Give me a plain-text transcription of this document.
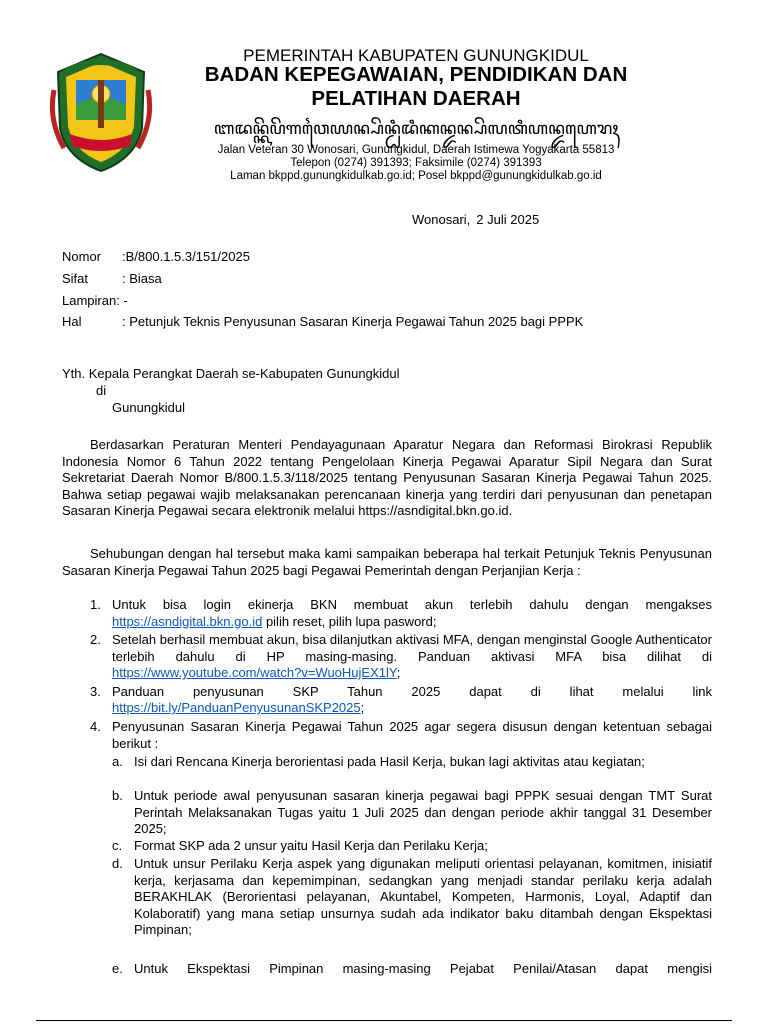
PEMERINTAH KABUPATEN GUNUNGKIDUL
BADAN KEPEGAWAIAN, PENDIDIKAN DAN
PELATIHAN DAERAH
ꦧꦢꦤ꧀ꦏꦼꦥꦼꦒꦮꦻꦪꦤ꧀ꦥꦼꦤ꧀ꦝꦶꦢꦶꦏꦤ꧀ꦢꦤ꧀ꦥꦼꦭꦠꦶꦲꦤ꧀ꦢꦲꦺꦫꦃ
Jalan Veteran 30 Wonosari, Gunungkidul, Daerah Istimewa Yogyakarta 55813
Telepon (0274) 391393; Faksimile (0274) 391393
Laman bkppd.gunungkidulkab.go.id; Posel bkppd@gunungkidulkab.go.id
Wonosari, 2 Juli 2025
Nomor :B/800.1.5.3/151/2025
Sifat	: Biasa
Lampiran: -
Hal	: Petunjuk Teknis Penyusunan Sasaran Kinerja Pegawai Tahun 2025 bagi PPPK
Yth. Kepala Perangkat Daerah se-Kabupaten Gunungkidul
di
Gunungkidul
Berdasarkan Peraturan Menteri Pendayagunaan Aparatur Negara dan Reformasi Birokrasi Republik Indonesia Nomor 6 Tahun 2022 tentang Pengelolaan Kinerja Pegawai Aparatur Sipil Negara dan Surat Sekretariat Daerah Nomor B/800.1.5.3/118/2025 tentang Penyusunan Sasaran Kinerja Pegawai Tahun 2025. Bahwa setiap pegawai wajib melaksanakan perencanaan kinerja yang terdiri dari penyusunan dan penetapan Sasaran Kinerja Pegawai secara elektronik melalui https://asndigital.bkn.go.id.
Sehubungan dengan hal tersebut maka kami sampaikan beberapa hal terkait Petunjuk Teknis Penyusunan Sasaran Kinerja Pegawai Tahun 2025 bagi Pegawai Pemerintah dengan Perjanjian Kerja :
1. Untuk bisa login ekinerja BKN membuat akun terlebih dahulu dengan mengakses https://asndigital.bkn.go.id pilih reset, pilih lupa pasword;
2. Setelah berhasil membuat akun, bisa dilanjutkan aktivasi MFA, dengan menginstal Google Authenticator terlebih dahulu di HP masing-masing. Panduan aktivasi MFA bisa dilihat di https://www.youtube.com/watch?v=WuoHujEX1lY;
3. Panduan penyusunan SKP Tahun 2025 dapat di lihat melalui link
https://bit.ly/PanduanPenyusunanSKP2025;
4. Penyusunan Sasaran Kinerja Pegawai Tahun 2025 agar segera disusun dengan ketentuan sebagai berikut :
a. Isi dari Rencana Kinerja berorientasi pada Hasil Kerja, bukan lagi aktivitas atau kegiatan;
b. Untuk periode awal penyusunan sasaran kinerja pegawai bagi PPPK sesuai dengan TMT Surat Perintah Melaksanakan Tugas yaitu 1 Juli 2025 dan dengan periode akhir tanggal 31 Desember 2025;
c. Format SKP ada 2 unsur yaitu Hasil Kerja dan Perilaku Kerja;
d. Untuk unsur Perilaku Kerja aspek yang digunakan meliputi orientasi pelayanan, komitmen, inisiatif kerja, kerjasama dan kepemimpinan, sedangkan yang menjadi standar perilaku kerja adalah BERAKHLAK (Berorientasi pelayanan, Akuntabel, Kompeten, Harmonis, Loyal, Adaptif dan Kolaboratif) yang mana setiap unsurnya sudah ada indikator baku ditambah dengan Ekspektasi Pimpinan;
e. Untuk Ekspektasi Pimpinan masing-masing Pejabat Penilai/Atasan dapat mengisi
